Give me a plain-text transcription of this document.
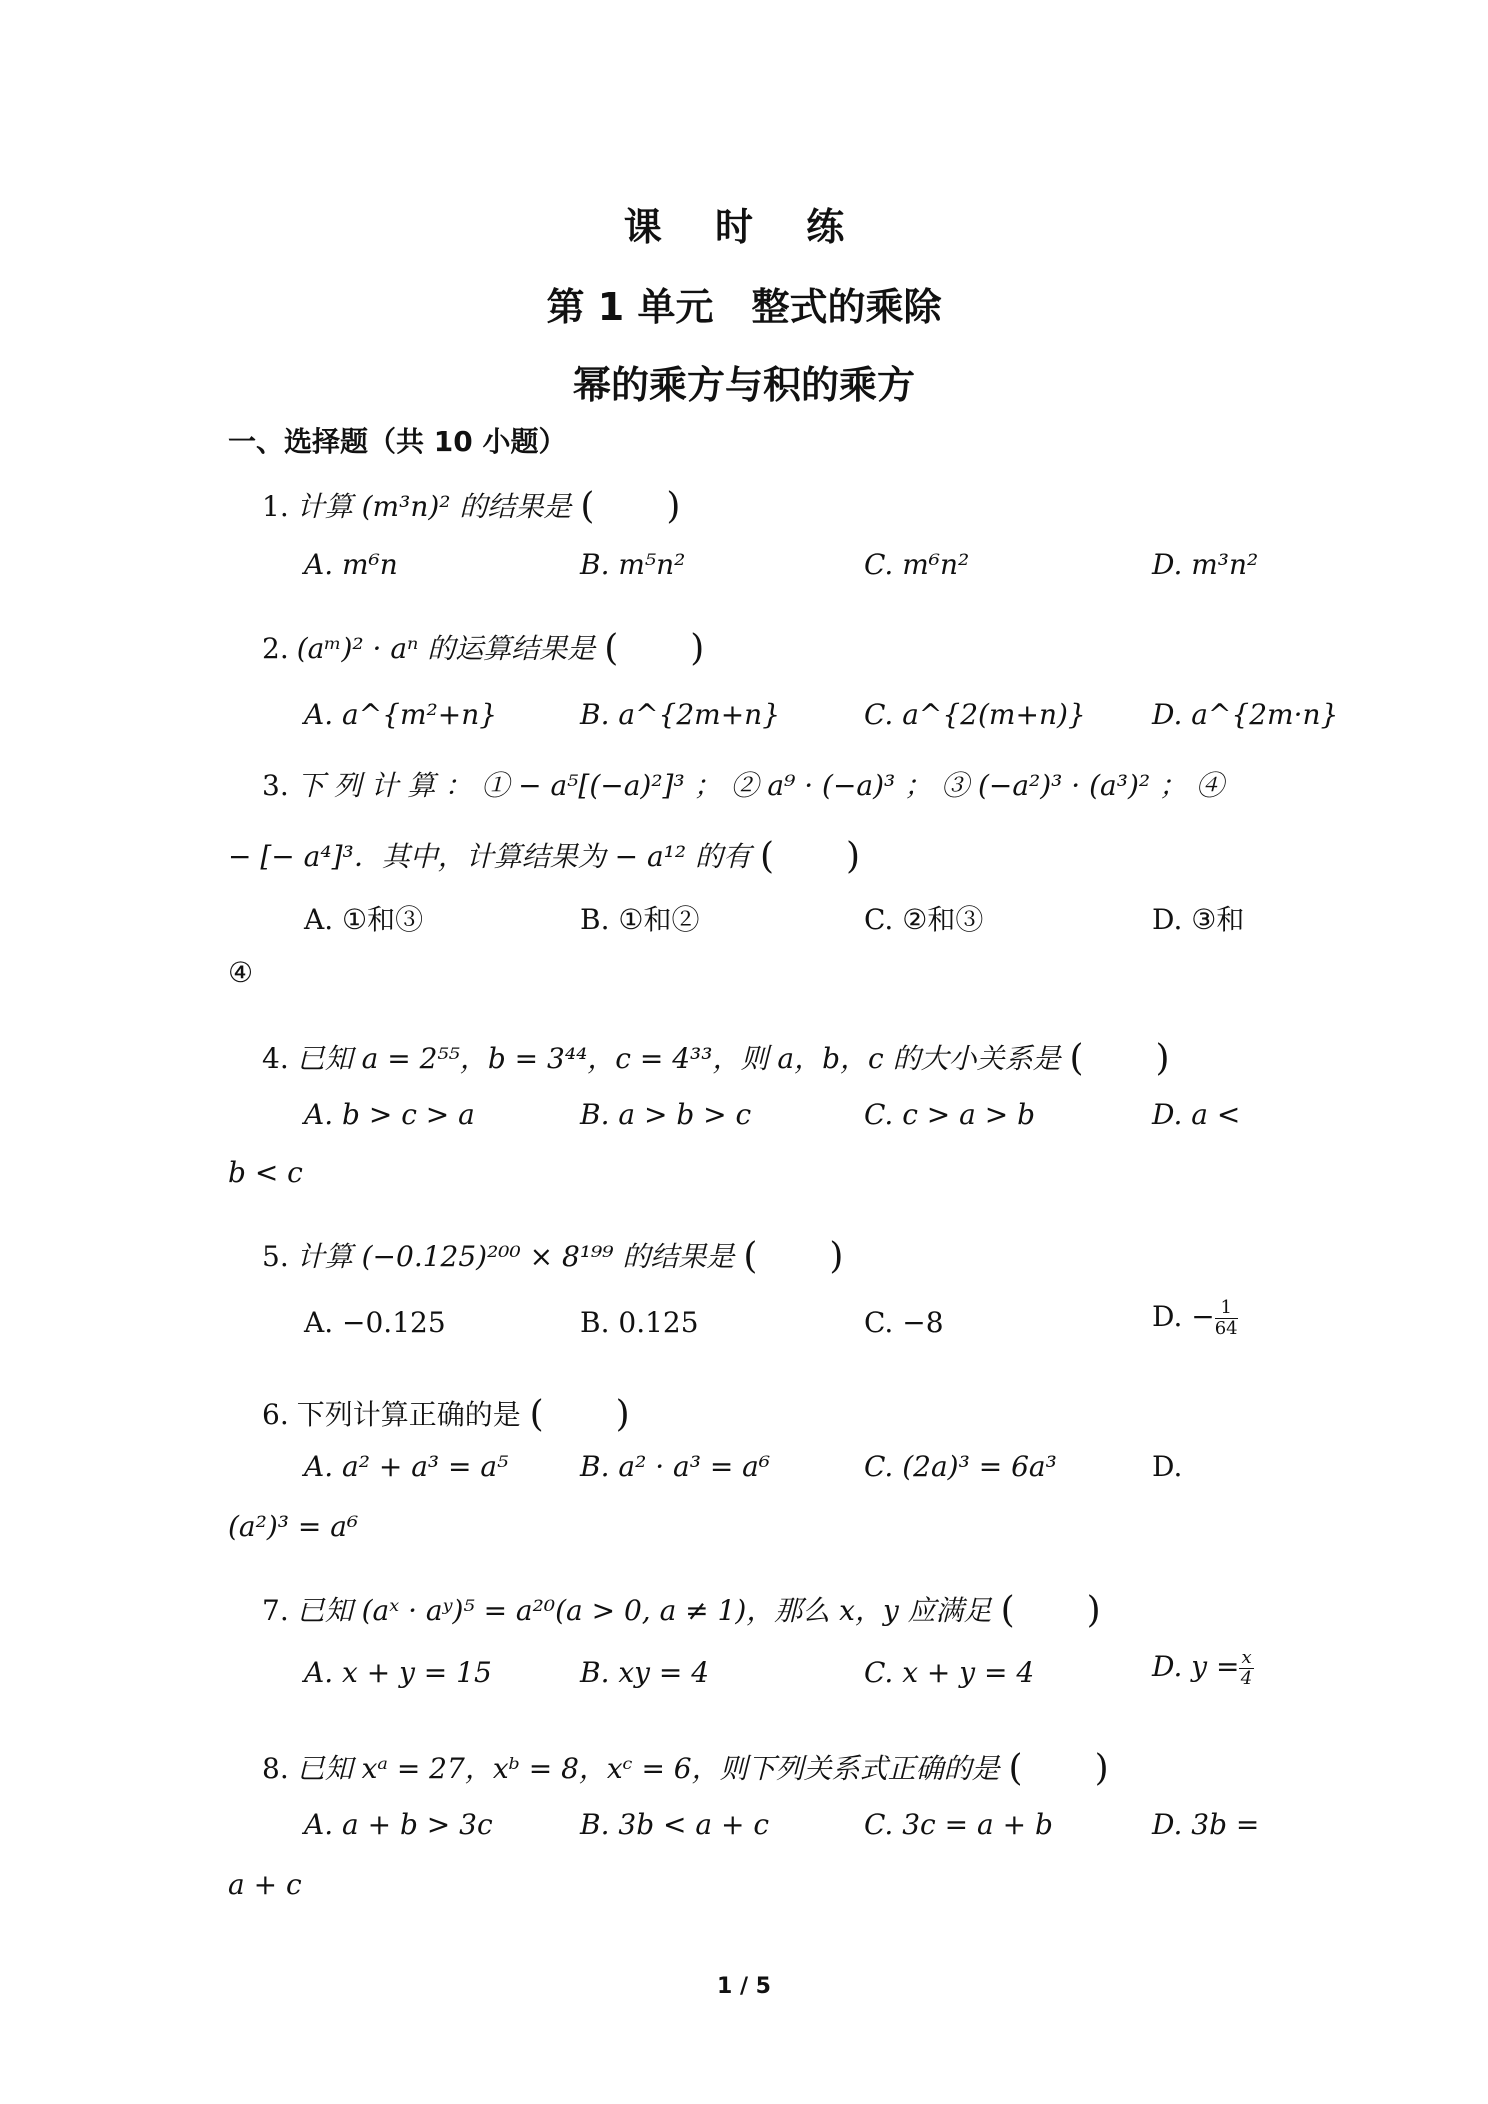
课 时 练
第 1 单元　整式的乘除
幂的乘方与积的乘方
一、选择题（共 10 小题）
1. 计算 (m³n)² 的结果是 (　　)
A. m⁶n	B. m⁵n²	C. m⁶n²	D. m³n²
2. (aᵐ)² · aⁿ 的运算结果是 (　　)
A. a^{m²+n}	B. a^{2m+n}	C. a^{2(m+n)} D. a^{2m·n}
3. 下 列 计 算 ： ① − a⁵[(−a)²]³ ； ② a⁹ · (−a)³ ； ③ (−a²)³ · (a³)² ； ④
− [− a⁴]³．其中，计算结果为 − a¹² 的有 (　　)
A. ①和③	B. ①和②	C. ②和③	D. ③和
④
4. 已知 a = 2⁵⁵，b = 3⁴⁴，c = 4³³，则 a，b，c 的大小关系是 (　　)
A. b > c > a	B. a > b > c	C. c > a > b	D. a <
b < c
5. 计算 (−0.125)²⁰⁰ × 8¹⁹⁹ 的结果是 (　　)
A. −0.125	B. 0.125	C. −8	D. − $\frac{1}{64}$
6. 下列计算正确的是 (　　)
A. a² + a³ = a⁵	B. a² · a³ = a⁶	C. (2a)³ = 6a³	D.
(a²)³ = a⁶
7. 已知 (aˣ · aʸ)⁵ = a²⁰(a > 0, a ≠ 1)，那么 x，y 应满足 (　　)
A. x + y = 15	B. xy = 4	C. x + y = 4	D. $y = \frac{x}{4}$
8. 已知 xᵃ = 27，xᵇ = 8，xᶜ = 6，则下列关系式正确的是 (　　)
A. a + b > 3c	B. 3b < a + c	C. 3c = a + b	D. 3b =
a + c
1 / 5
